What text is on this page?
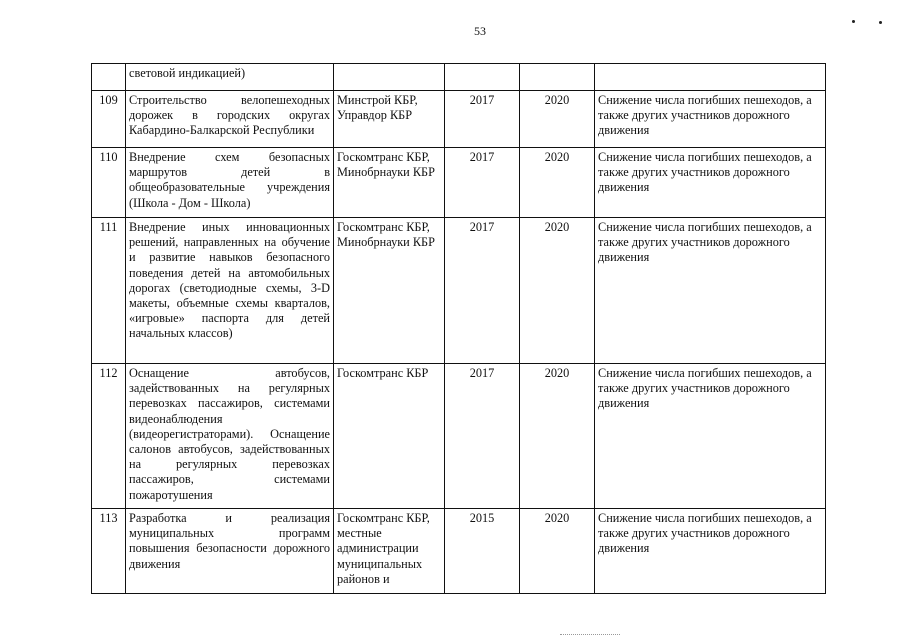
53
	световой индикацией)				
109	Строительство велопешеходных дорожек в городских округах Кабардино-Балкарской Республики	Минстрой КБР, Управдор КБР	2017	2020	Снижение числа погибших пешеходов, а также других участников дорожного движения
110	Внедрение схем безопасных маршрутов детей в общеобразовательные учреждения (Школа - Дом - Школа)	Госкомтранс КБР, Минобрнауки КБР	2017	2020	Снижение числа погибших пешеходов, а также других участников дорожного движения
111	Внедрение иных инновационных решений, направленных на обучение и развитие навыков безопасного поведения детей на автомобильных дорогах (светодиодные схемы, 3-D макеты, объемные схемы кварталов, «игровые» паспорта для детей начальных классов)	Госкомтранс КБР, Минобрнауки КБР	2017	2020	Снижение числа погибших пешеходов, а также других участников дорожного движения
112	Оснащение автобусов, задействованных на регулярных перевозках пассажиров, системами видеонаблюдения (видеорегистраторами). Оснащение салонов автобусов, задействованных на регулярных перевозках пассажиров, системами пожаротушения	Госкомтранс КБР	2017	2020	Снижение числа погибших пешеходов, а также других участников дорожного движения
113	Разработка и реализация муниципальных программ повышения безопасности дорожного движения	Госкомтранс КБР, местные администрации муниципальных районов и	2015	2020	Снижение числа погибших пешеходов, а также других участников дорожного движения
